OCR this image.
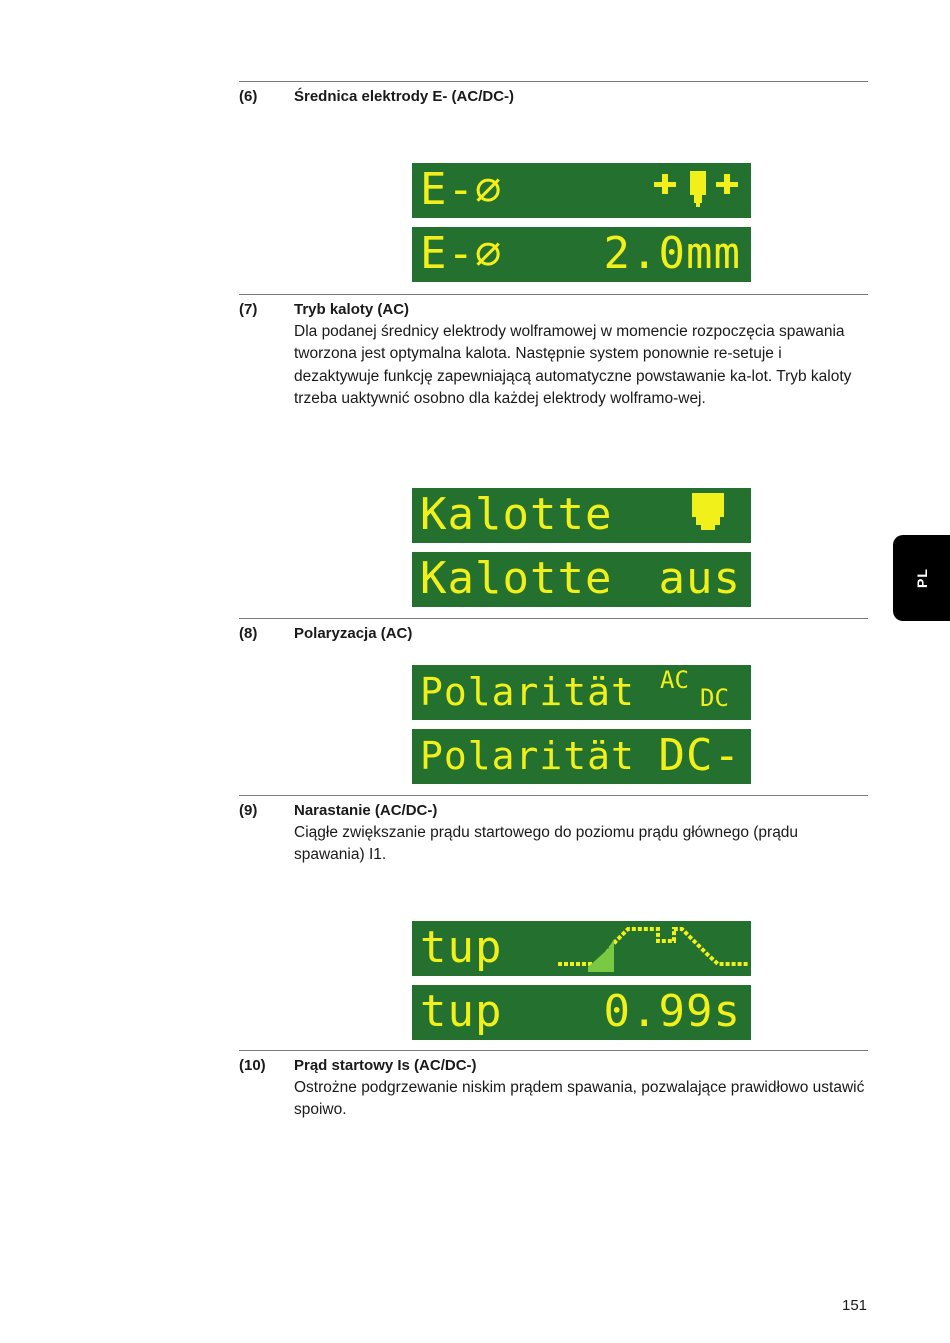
(6) Średnica elektrody E- (AC/DC-)
E-⌀
E-⌀ 2.0mm
(7) Tryb kaloty (AC)

Dla podanej średnicy elektrody wolframowej w momencie rozpoczęcia spawania tworzona jest optymalna kalota. Następnie system ponownie re-setuje i dezaktywuje funkcję zapewniającą automatyczne powstawanie ka-lot. Tryb kaloty trzeba uaktywnić osobno dla każdej elektrody wolframo-wej.

Kalotte
Kalotte aus	PL
(8) Polaryzacja (AC)
Polarität AC
DC
Polarität DC-
(9) Narastanie (AC/DC-)

Ciągłe zwiększanie prądu startowego do poziomu prądu głównego (prądu spawania) I1.

tup
tup 0.99s
(10) Prąd startowy Is (AC/DC-)

Ostrożne podgrzewanie niskim prądem spawania, pozwalające prawidłowo ustawić spoiwo.

151
